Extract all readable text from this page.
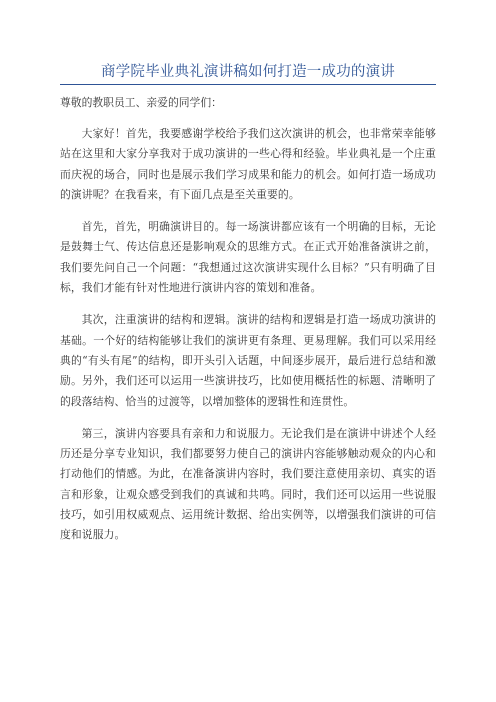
商学院毕业典礼演讲稿如何打造一成功的演讲
尊敬的教职员工、亲爱的同学们：

大家好！首先，我要感谢学校给予我们这次演讲的机会，也非常荣幸能够站在这里和大家分享我对于成功演讲的一些心得和经验。毕业典礼是一个庄重而庆祝的场合，同时也是展示我们学习成果和能力的机会。如何打造一场成功的演讲呢？在我看来，有下面几点是至关重要的。

首先，首先，明确演讲目的。每一场演讲都应该有一个明确的目标，无论是鼓舞士气、传达信息还是影响观众的思维方式。在正式开始准备演讲之前，我们要先问自己一个问题：“我想通过这次演讲实现什么目标？”只有明确了目标，我们才能有针对性地进行演讲内容的策划和准备。

其次，注重演讲的结构和逻辑。演讲的结构和逻辑是打造一场成功演讲的基础。一个好的结构能够让我们的演讲更有条理、更易理解。我们可以采用经典的“有头有尾”的结构，即开头引入话题，中间逐步展开，最后进行总结和激励。另外，我们还可以运用一些演讲技巧，比如使用概括性的标题、清晰明了的段落结构、恰当的过渡等，以增加整体的逻辑性和连贯性。

第三，演讲内容要具有亲和力和说服力。无论我们是在演讲中讲述个人经历还是分享专业知识，我们都要努力使自己的演讲内容能够触动观众的内心和打动他们的情感。为此，在准备演讲内容时，我们要注意使用亲切、真实的语言和形象，让观众感受到我们的真诚和共鸣。同时，我们还可以运用一些说服技巧，如引用权威观点、运用统计数据、给出实例等，以增强我们演讲的可信度和说服力。
